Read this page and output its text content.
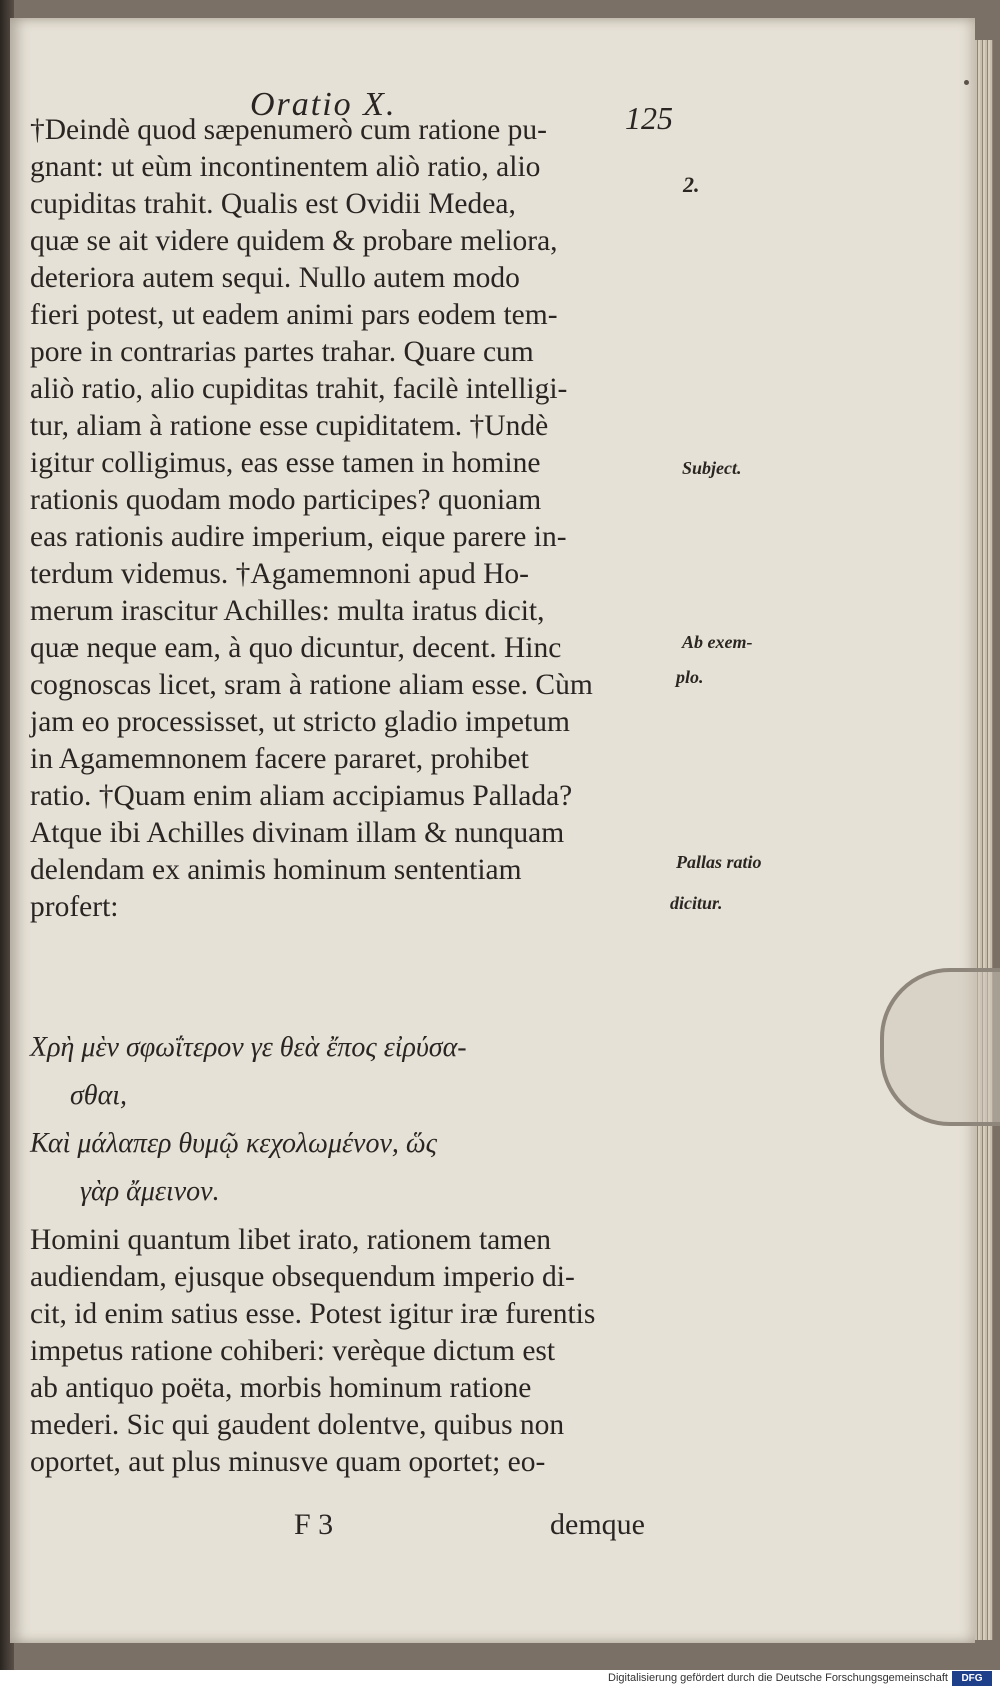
Oratio X.	125
†Deindè quod sæpenumerò cum ratione pu-
gnant: ut eùm incontinentem aliò ratio, alio
cupiditas trahit. Qualis est Ovidii Medea,
quæ se ait videre quidem & probare meliora,
deteriora autem sequi. Nullo autem modo
fieri potest, ut eadem animi pars eodem tem-
pore in contrarias partes trahar. Quare cum
aliò ratio, alio cupiditas trahit, facilè intelligi-
tur, aliam à ratione esse cupiditatem. †Undè
igitur colligimus, eas esse tamen in homine
rationis quodam modo participes? quoniam
eas rationis audire imperium, eique parere in-
terdum videmus. †Agamemnoni apud Ho-
merum irascitur Achilles: multa iratus dicit,
quæ neque eam, à quo dicuntur, decent. Hinc
cognoscas licet, sram à ratione aliam esse. Cùm
jam eo processisset, ut stricto gladio impetum
in Agamemnonem facere pararet, prohibet
ratio. †Quam enim aliam accipiamus Pallada?
Atque ibi Achilles divinam illam & nunquam
delendam ex animis hominum sententiam
profert:
Χρὴ μὲν σφωΐτερον γε θεὰ ἔπος εἰρύσα-
σθαι,
Καὶ μάλαπερ θυμῷ κεχολωμένον, ὥς
γὰρ ἄμεινον.
Homini quantum libet irato, rationem tamen
audiendam, ejusque obsequendum imperio di-
cit, id enim satius esse. Potest igitur iræ furentis
impetus ratione cohiberi: verèque dictum est
ab antiquo poëta, morbis hominum ratione
mederi. Sic qui gaudent dolentve, quibus non
oportet, aut plus minusve quam oportet; eo-
2.
Subject.
Ab exem-
plo.
Pallas ratio
dicitur.
F 3	demque
Digitalisierung gefördert durch die Deutsche Forschungsgemeinschaft	DFG
